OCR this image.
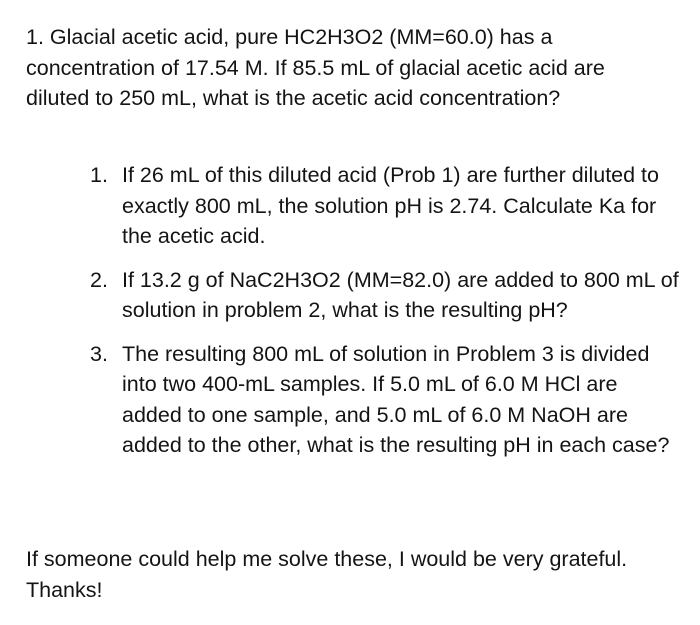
1. Glacial acetic acid, pure HC2H3O2 (MM=60.0) has a concentration of 17.54 M. If 85.5 mL of glacial acetic acid are diluted to 250 mL, what is the acetic acid concentration?

1. If 26 mL of this diluted acid (Prob 1) are further diluted to exactly 800 mL, the solution pH is 2.74. Calculate Ka for the acetic acid.
2. If 13.2 g of NaC2H3O2 (MM=82.0) are added to 800 mL of solution in problem 2, what is the resulting pH?
3. The resulting 800 mL of solution in Problem 3 is divided into two 400-mL samples. If 5.0 mL of 6.0 M HCl are added to one sample, and 5.0 mL of 6.0 M NaOH are added to the other, what is the resulting pH in each case?

If someone could help me solve these, I would be very grateful. Thanks!
